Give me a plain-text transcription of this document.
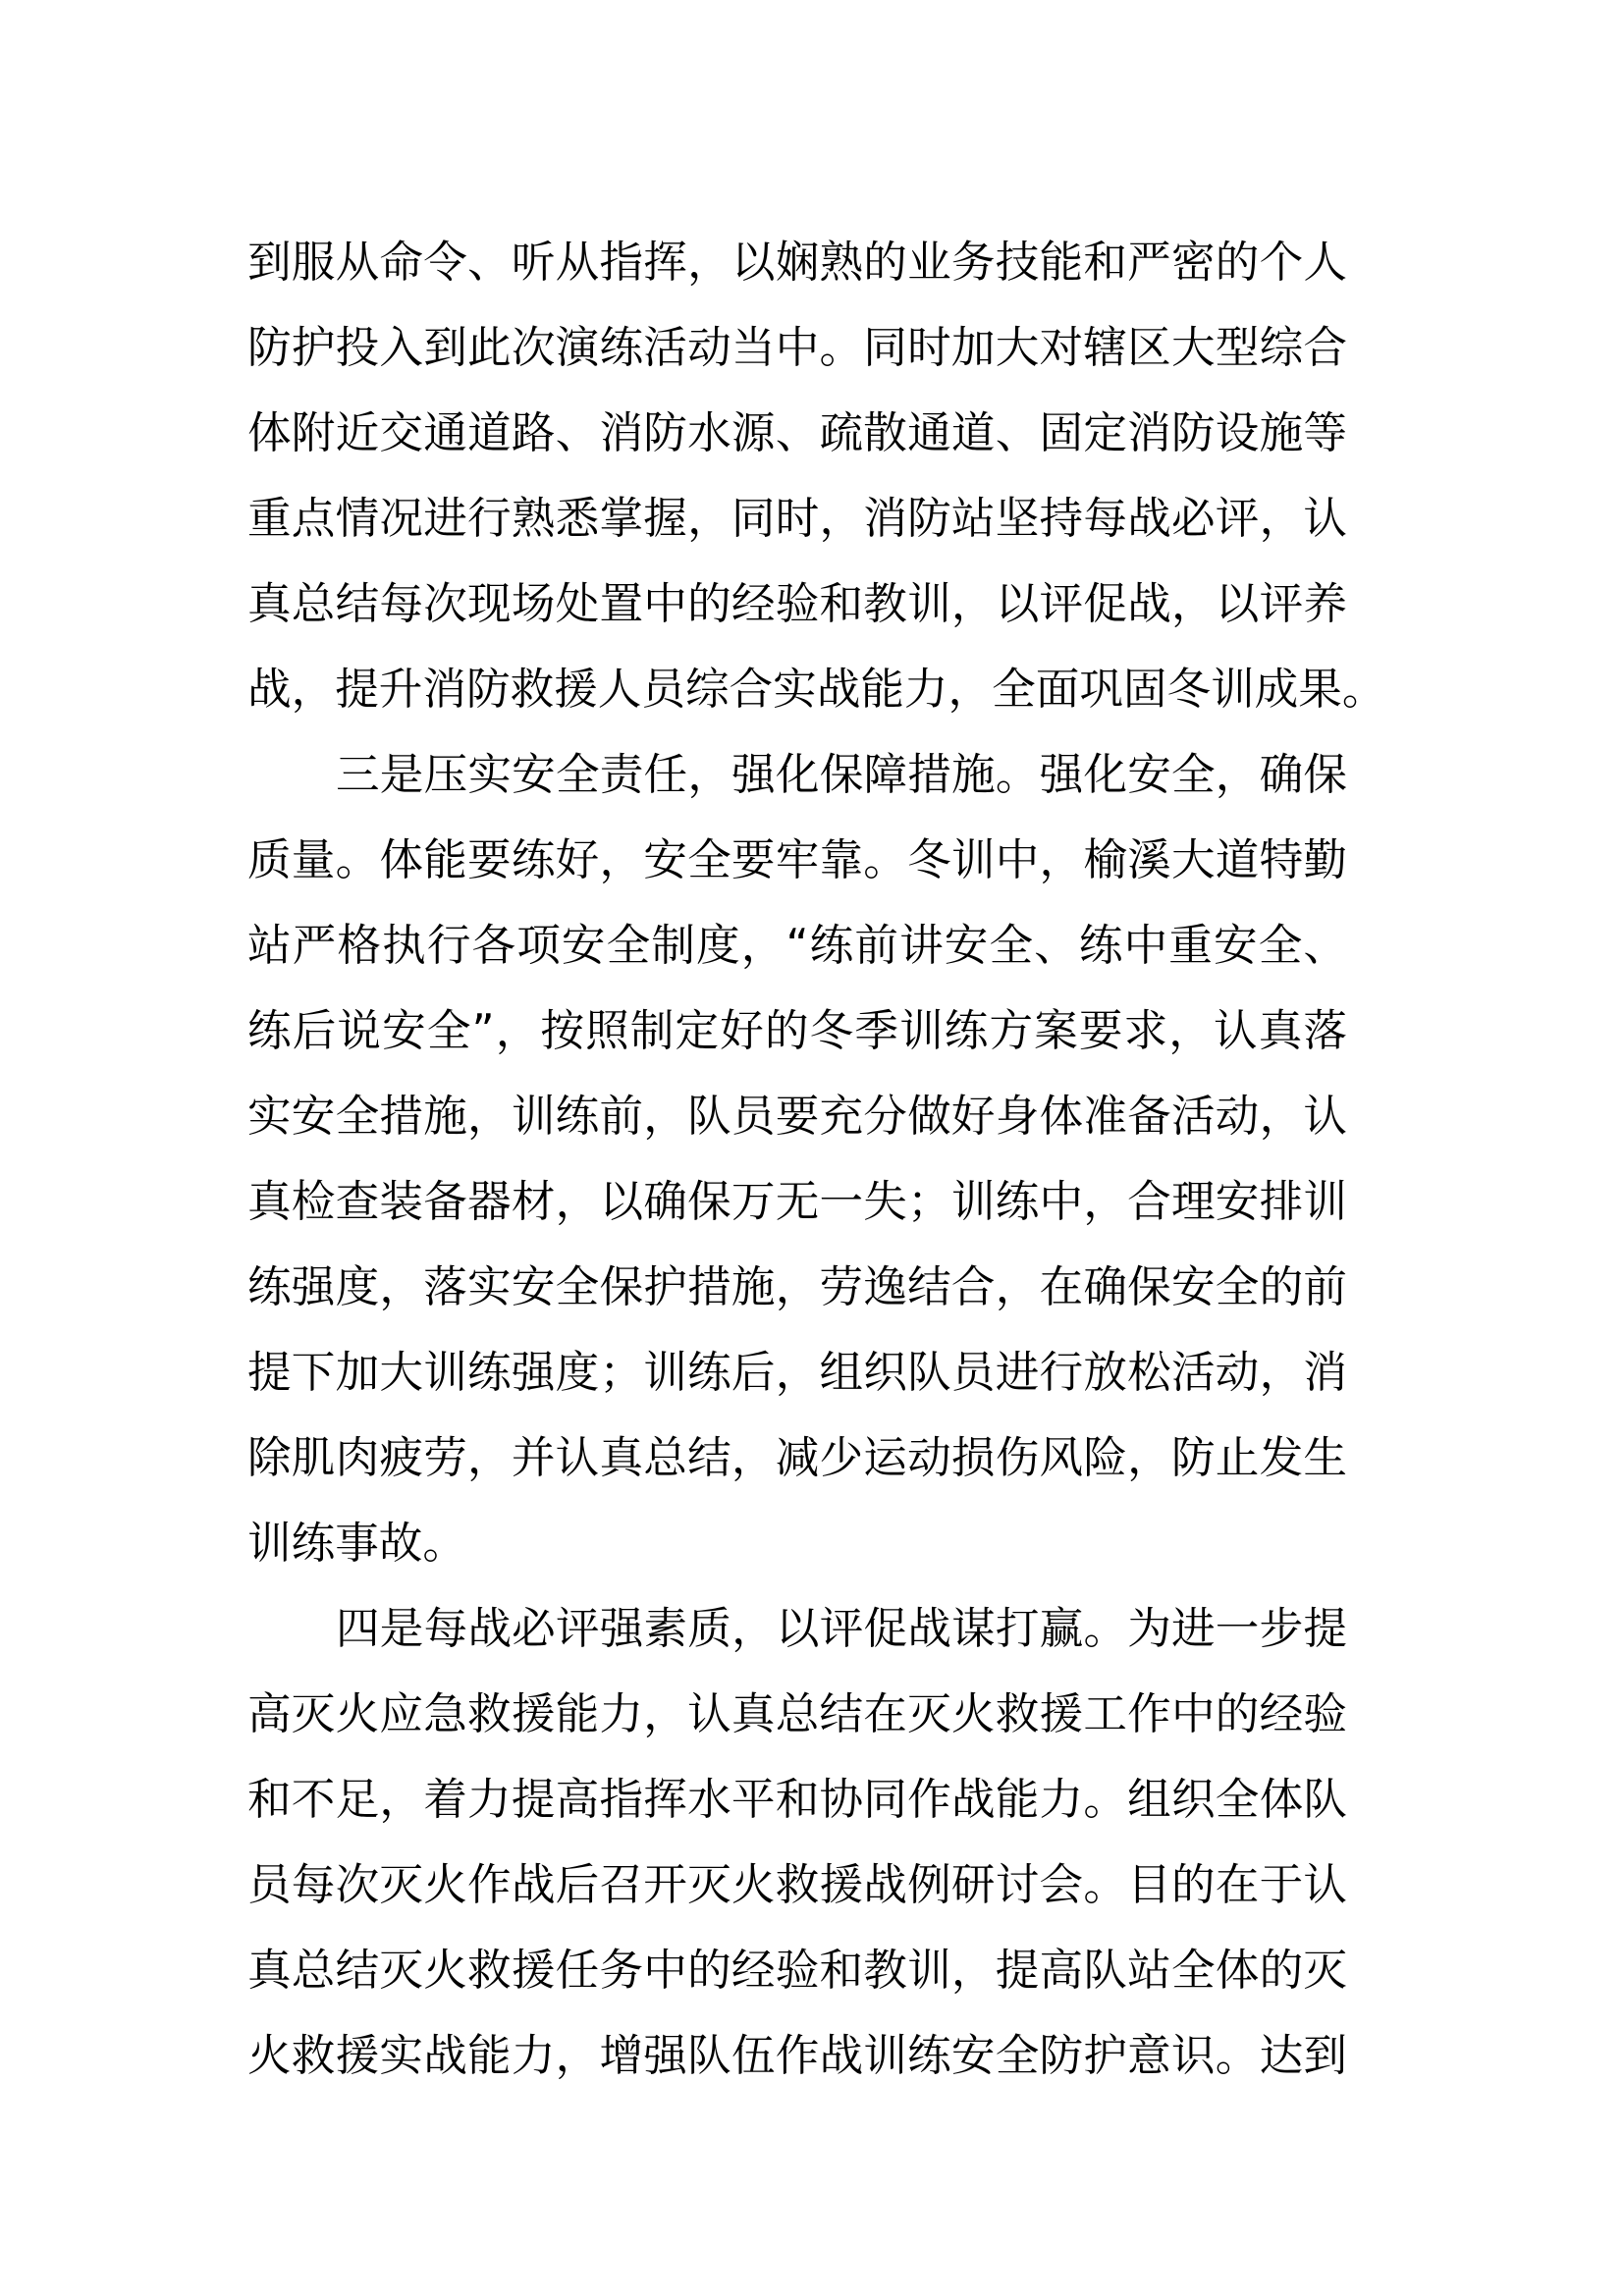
到服从命令、听从指挥，以娴熟的业务技能和严密的个人
防护投入到此次演练活动当中。同时加大对辖区大型综合
体附近交通道路、消防水源、疏散通道、固定消防设施等
重点情况进行熟悉掌握，同时，消防站坚持每战必评，认
真总结每次现场处置中的经验和教训，以评促战，以评养
战，提升消防救援人员综合实战能力，全面巩固冬训成果。
三是压实安全责任，强化保障措施。强化安全，确保
质量。体能要练好，安全要牢靠。冬训中，榆溪大道特勤
站严格执行各项安全制度，“练前讲安全、练中重安全、
练后说安全”，按照制定好的冬季训练方案要求，认真落
实安全措施，训练前，队员要充分做好身体准备活动，认
真检查装备器材，以确保万无一失；训练中，合理安排训
练强度，落实安全保护措施，劳逸结合，在确保安全的前
提下加大训练强度；训练后，组织队员进行放松活动，消
除肌肉疲劳，并认真总结，减少运动损伤风险，防止发生
训练事故。
四是每战必评强素质，以评促战谋打赢。为进一步提
高灭火应急救援能力，认真总结在灭火救援工作中的经验
和不足，着力提高指挥水平和协同作战能力。组织全体队
员每次灭火作战后召开灭火救援战例研讨会。目的在于认
真总结灭火救援任务中的经验和教训，提高队站全体的灭
火救援实战能力，增强队伍作战训练安全防护意识。达到
